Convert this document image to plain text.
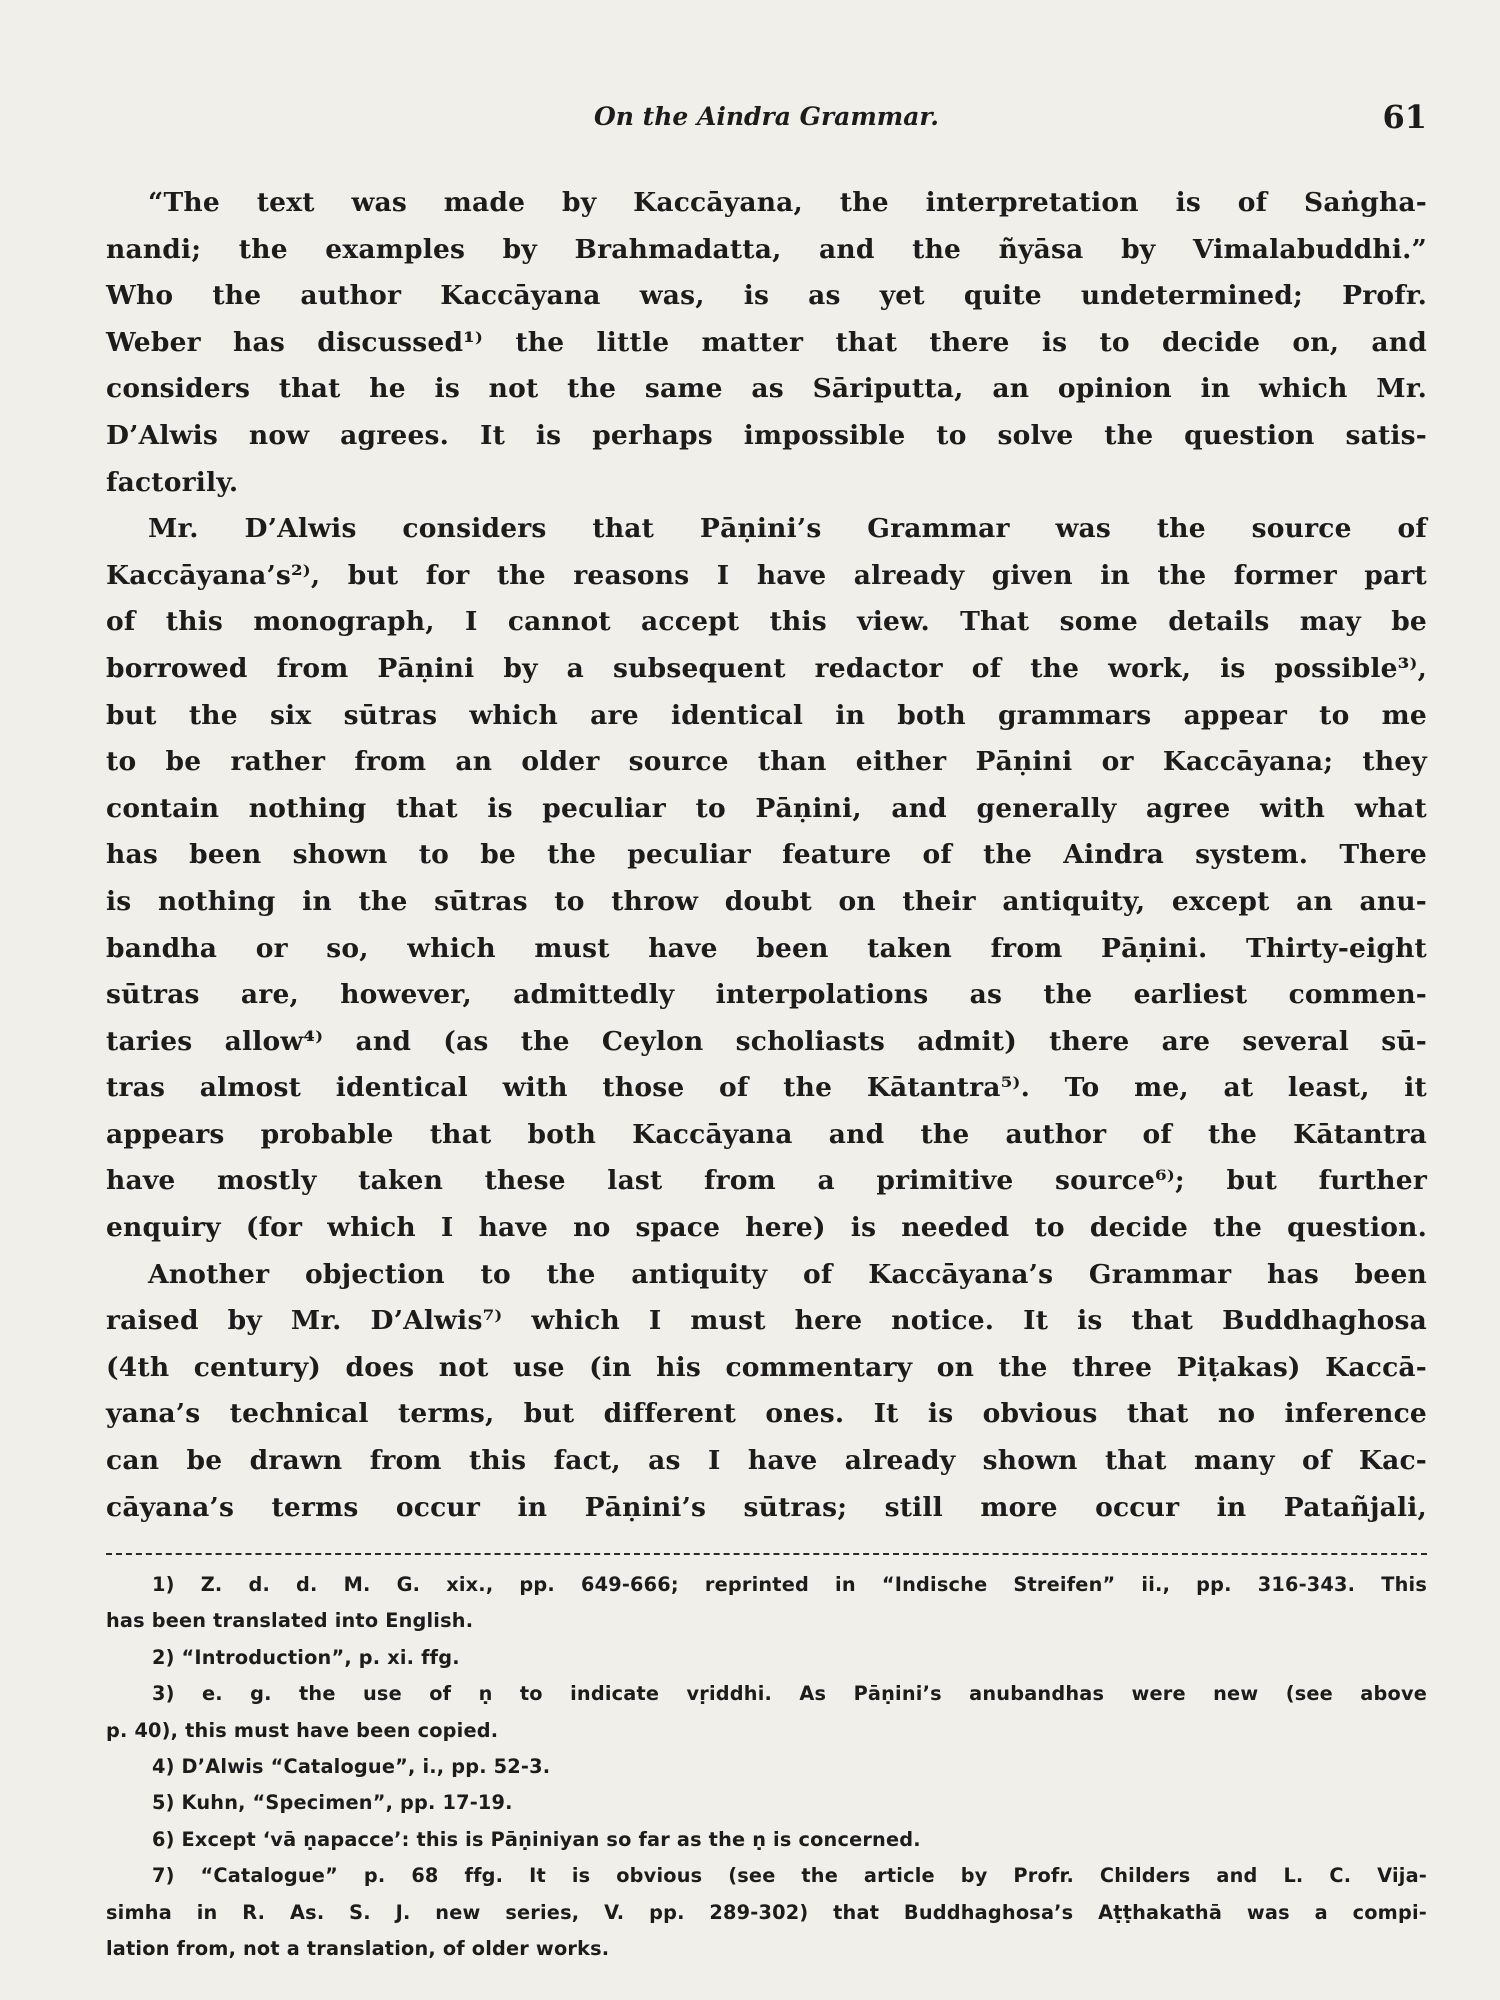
On the Aindra Grammar.	61

“The text was made by Kaccāyana, the interpretation is of Saṅgha-
nandi; the examples by Brahmadatta, and the ñyāsa by Vimalabuddhi.”
Who the author Kaccāyana was, is as yet quite undetermined; Profr.
Weber has discussed¹⁾ the little matter that there is to decide on, and
considers that he is not the same as Sāriputta, an opinion in which Mr.
D’Alwis now agrees. It is perhaps impossible to solve the question satis-
factorily.

Mr. D’Alwis considers that Pāṇini’s Grammar was the source of
Kaccāyana’s²⁾, but for the reasons I have already given in the former part
of this monograph, I cannot accept this view. That some details may be
borrowed from Pāṇini by a subsequent redactor of the work, is possible³⁾,
but the six sūtras which are identical in both grammars appear to me
to be rather from an older source than either Pāṇini or Kaccāyana; they
contain nothing that is peculiar to Pāṇini, and generally agree with what
has been shown to be the peculiar feature of the Aindra system. There
is nothing in the sūtras to throw doubt on their antiquity, except an anu-
bandha or so, which must have been taken from Pāṇini. Thirty-eight
sūtras are, however, admittedly interpolations as the earliest commen-
taries allow⁴⁾ and (as the Ceylon scholiasts admit) there are several sū-
tras almost identical with those of the Kātantra⁵⁾. To me, at least, it
appears probable that both Kaccāyana and the author of the Kātantra
have mostly taken these last from a primitive source⁶⁾; but further
enquiry (for which I have no space here) is needed to decide the question.

Another objection to the antiquity of Kaccāyana’s Grammar has been
raised by Mr. D’Alwis⁷⁾ which I must here notice. It is that Buddhaghosa
(4th century) does not use (in his commentary on the three Piṭakas) Kaccā-
yana’s technical terms, but different ones. It is obvious that no inference
can be drawn from this fact, as I have already shown that many of Kac-
cāyana’s terms occur in Pāṇini’s sūtras; still more occur in Patañjali,

1) Z. d. d. M. G. xix., pp. 649-666; reprinted in “Indische Streifen” ii., pp. 316-343. This
has been translated into English.
2) “Introduction”, p. xi. ffg.
3) e. g. the use of ṇ to indicate vṛiddhi. As Pāṇini’s anubandhas were new (see above
p. 40), this must have been copied.
4) D’Alwis “Catalogue”, i., pp. 52-3.
5) Kuhn, “Specimen”, pp. 17-19.
6) Except ‘vā ṇapacce’: this is Pāṇiniyan so far as the ṇ is concerned.
7) “Catalogue” p. 68 ffg. It is obvious (see the article by Profr. Childers and L. C. Vija-
simha in R. As. S. J. new series, V. pp. 289-302) that Buddhaghosa’s Aṭṭhakathā was a compi-
lation from, not a translation, of older works.
